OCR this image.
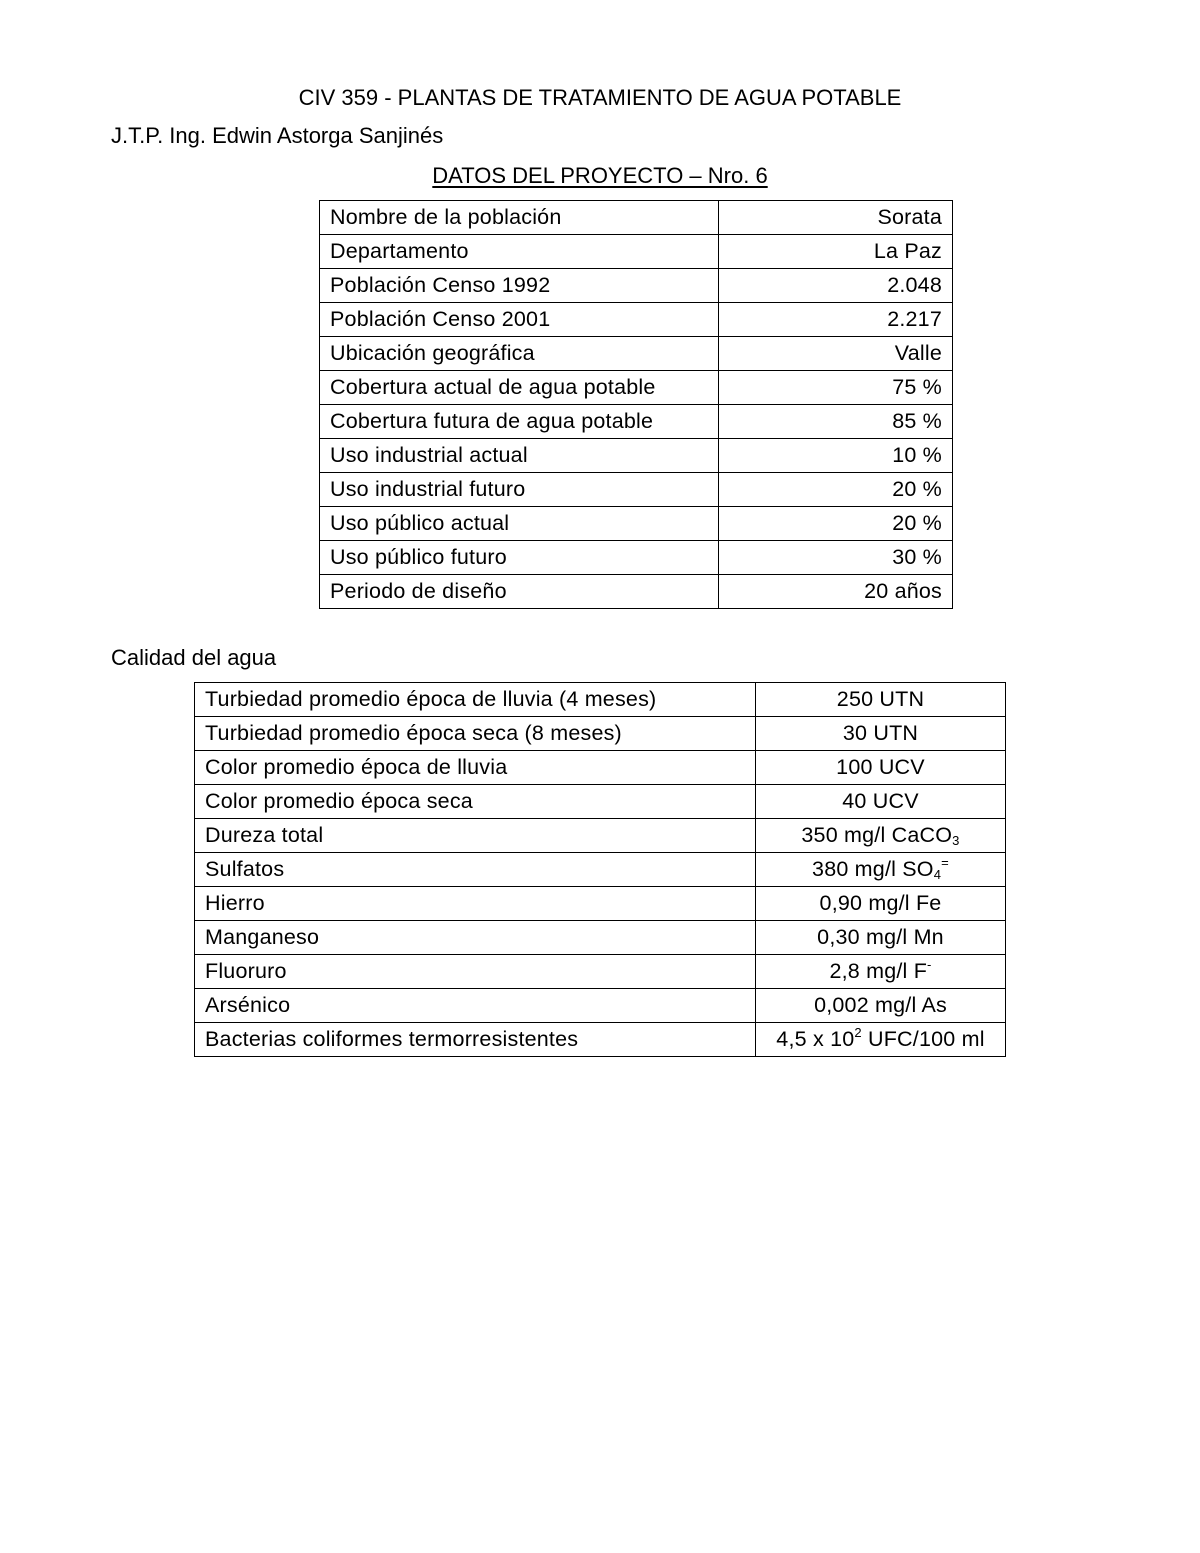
CIV 359 - PLANTAS DE TRATAMIENTO DE AGUA POTABLE
J.T.P. Ing. Edwin Astorga Sanjinés
DATOS DEL PROYECTO – Nro. 6
Nombre de la población	Sorata
Departamento	La Paz
Población Censo 1992	2.048
Población Censo 2001	2.217
Ubicación geográfica	Valle
Cobertura actual de agua potable	75 %
Cobertura futura de agua potable	85 %
Uso industrial actual	10 %
Uso industrial futuro	20 %
Uso público actual	20 %
Uso público futuro	30 %
Periodo de diseño	20 años
Calidad del agua
Turbiedad promedio época de lluvia (4 meses)	250 UTN
Turbiedad promedio época seca (8 meses)	30 UTN
Color promedio época de lluvia	100 UCV
Color promedio época seca	40 UCV
Dureza total	350 mg/l CaCO$_3$
Sulfatos	380 mg/l $SO_4^=$
Hierro	0,90 mg/l Fe
Manganeso	0,30 mg/l Mn
Fluoruro	2,8 mg/l F-
Arsénico	0,002 mg/l As
Bacterias coliformes termorresistentes	4,5 x $10^2$ UFC/100 ml
